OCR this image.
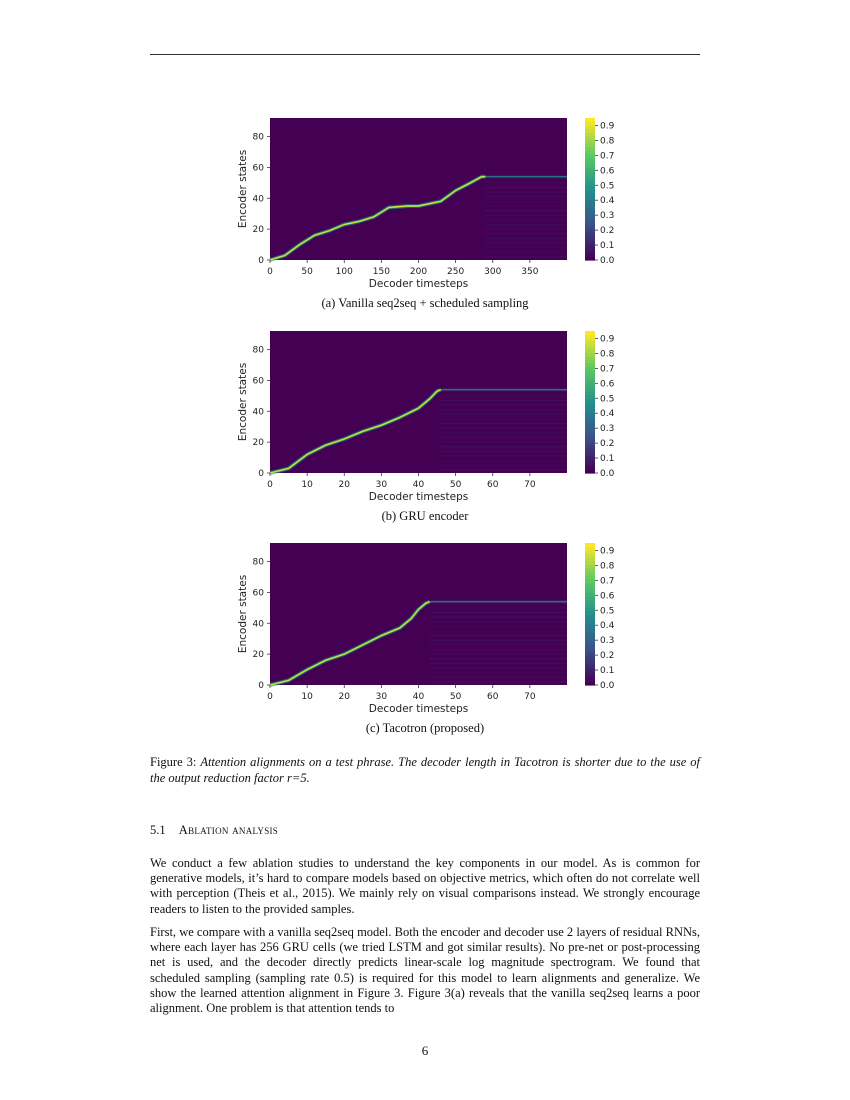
0	50	100 150 200 250 300 350
0
20
40
60
80
Decoder timesteps
Encoder states
0.0
0.1
0.2
0.3
0.4
0.5
0.6
0.7
0.8
0.9
(a) Vanilla seq2seq + scheduled sampling
0	10	20	30	40	50	60	70
0
20
40
60
80
Decoder timesteps
Encoder states
0.0
0.1
0.2
0.3
0.4
0.5
0.6
0.7
0.8
0.9
(b) GRU encoder
0	10	20	30	40	50	60	70
0
20
40
60
80
Decoder timesteps
Encoder states
0.0
0.1
0.2
0.3
0.4
0.5
0.6
0.7
0.8
0.9
(c) Tacotron (proposed)
Figure 3: Attention alignments on a test phrase. The decoder length in Tacotron is shorter due to the use of the output reduction factor r=5.
5.1 Ablation analysis
We conduct a few ablation studies to understand the key components in our model. As is common for generative models, it’s hard to compare models based on objective metrics, which often do not correlate well with perception (Theis et al., 2015). We mainly rely on visual comparisons instead. We strongly encourage readers to listen to the provided samples.
First, we compare with a vanilla seq2seq model. Both the encoder and decoder use 2 layers of residual RNNs, where each layer has 256 GRU cells (we tried LSTM and got similar results). No pre-net or post-processing net is used, and the decoder directly predicts linear-scale log magnitude spectrogram. We found that scheduled sampling (sampling rate 0.5) is required for this model to learn alignments and generalize. We show the learned attention alignment in Figure 3. Figure 3(a) reveals that the vanilla seq2seq learns a poor alignment. One problem is that attention tends to
6
